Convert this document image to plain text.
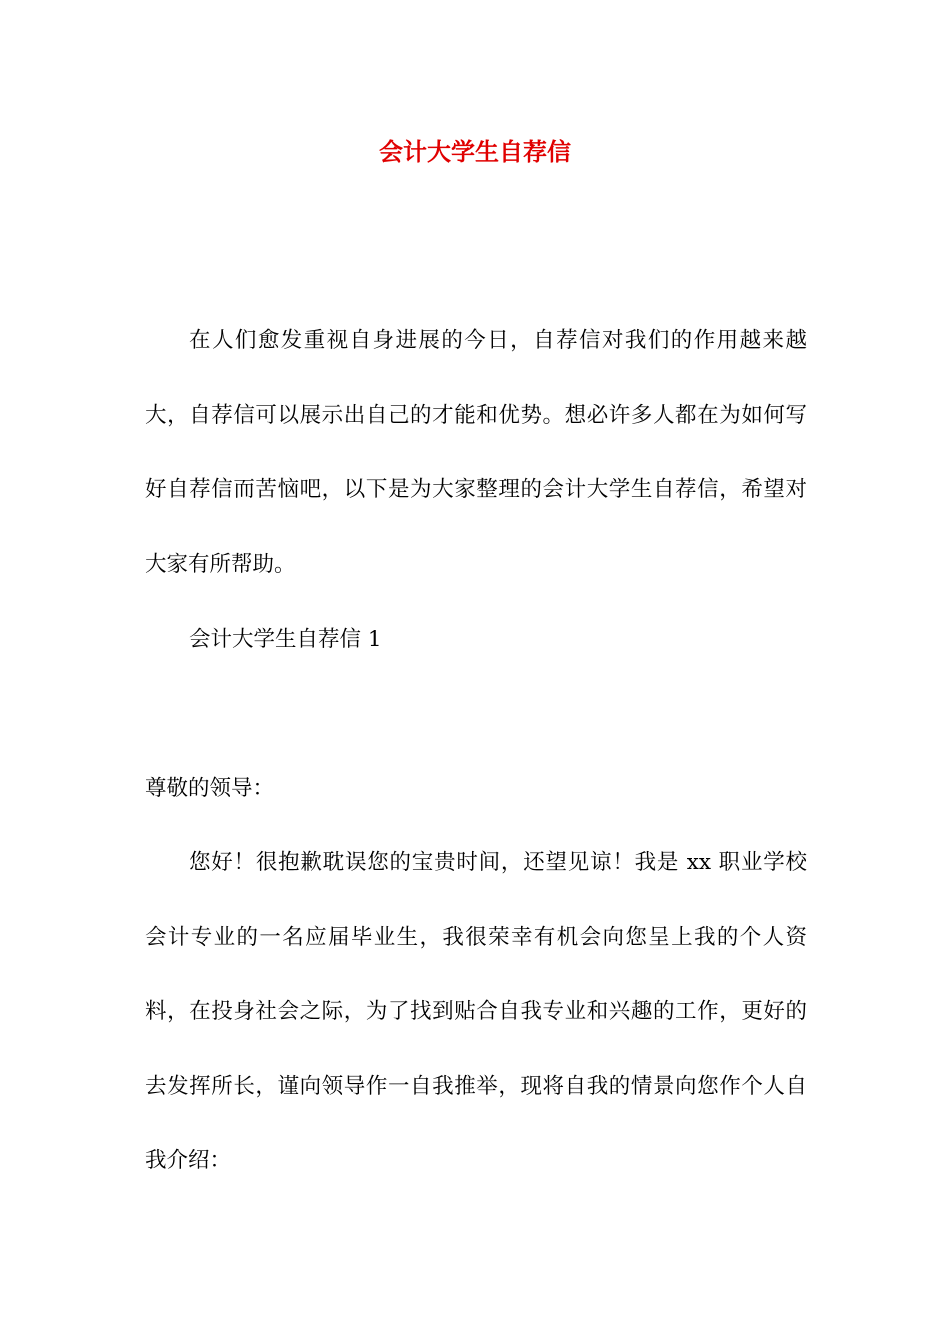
会计大学生自荐信

在人们愈发重视自身进展的今日，自荐信对我们的作用越来越大，自荐信可以展示出自己的才能和优势。想必许多人都在为如何写好自荐信而苦恼吧，以下是为大家整理的会计大学生自荐信，希望对大家有所帮助。

会计大学生自荐信 1

尊敬的领导：

您好！很抱歉耽误您的宝贵时间，还望见谅！我是 xx 职业学校会计专业的一名应届毕业生，我很荣幸有机会向您呈上我的个人资料，在投身社会之际，为了找到贴合自我专业和兴趣的工作，更好的去发挥所长，谨向领导作一自我推举，现将自我的情景向您作个人自我介绍：
